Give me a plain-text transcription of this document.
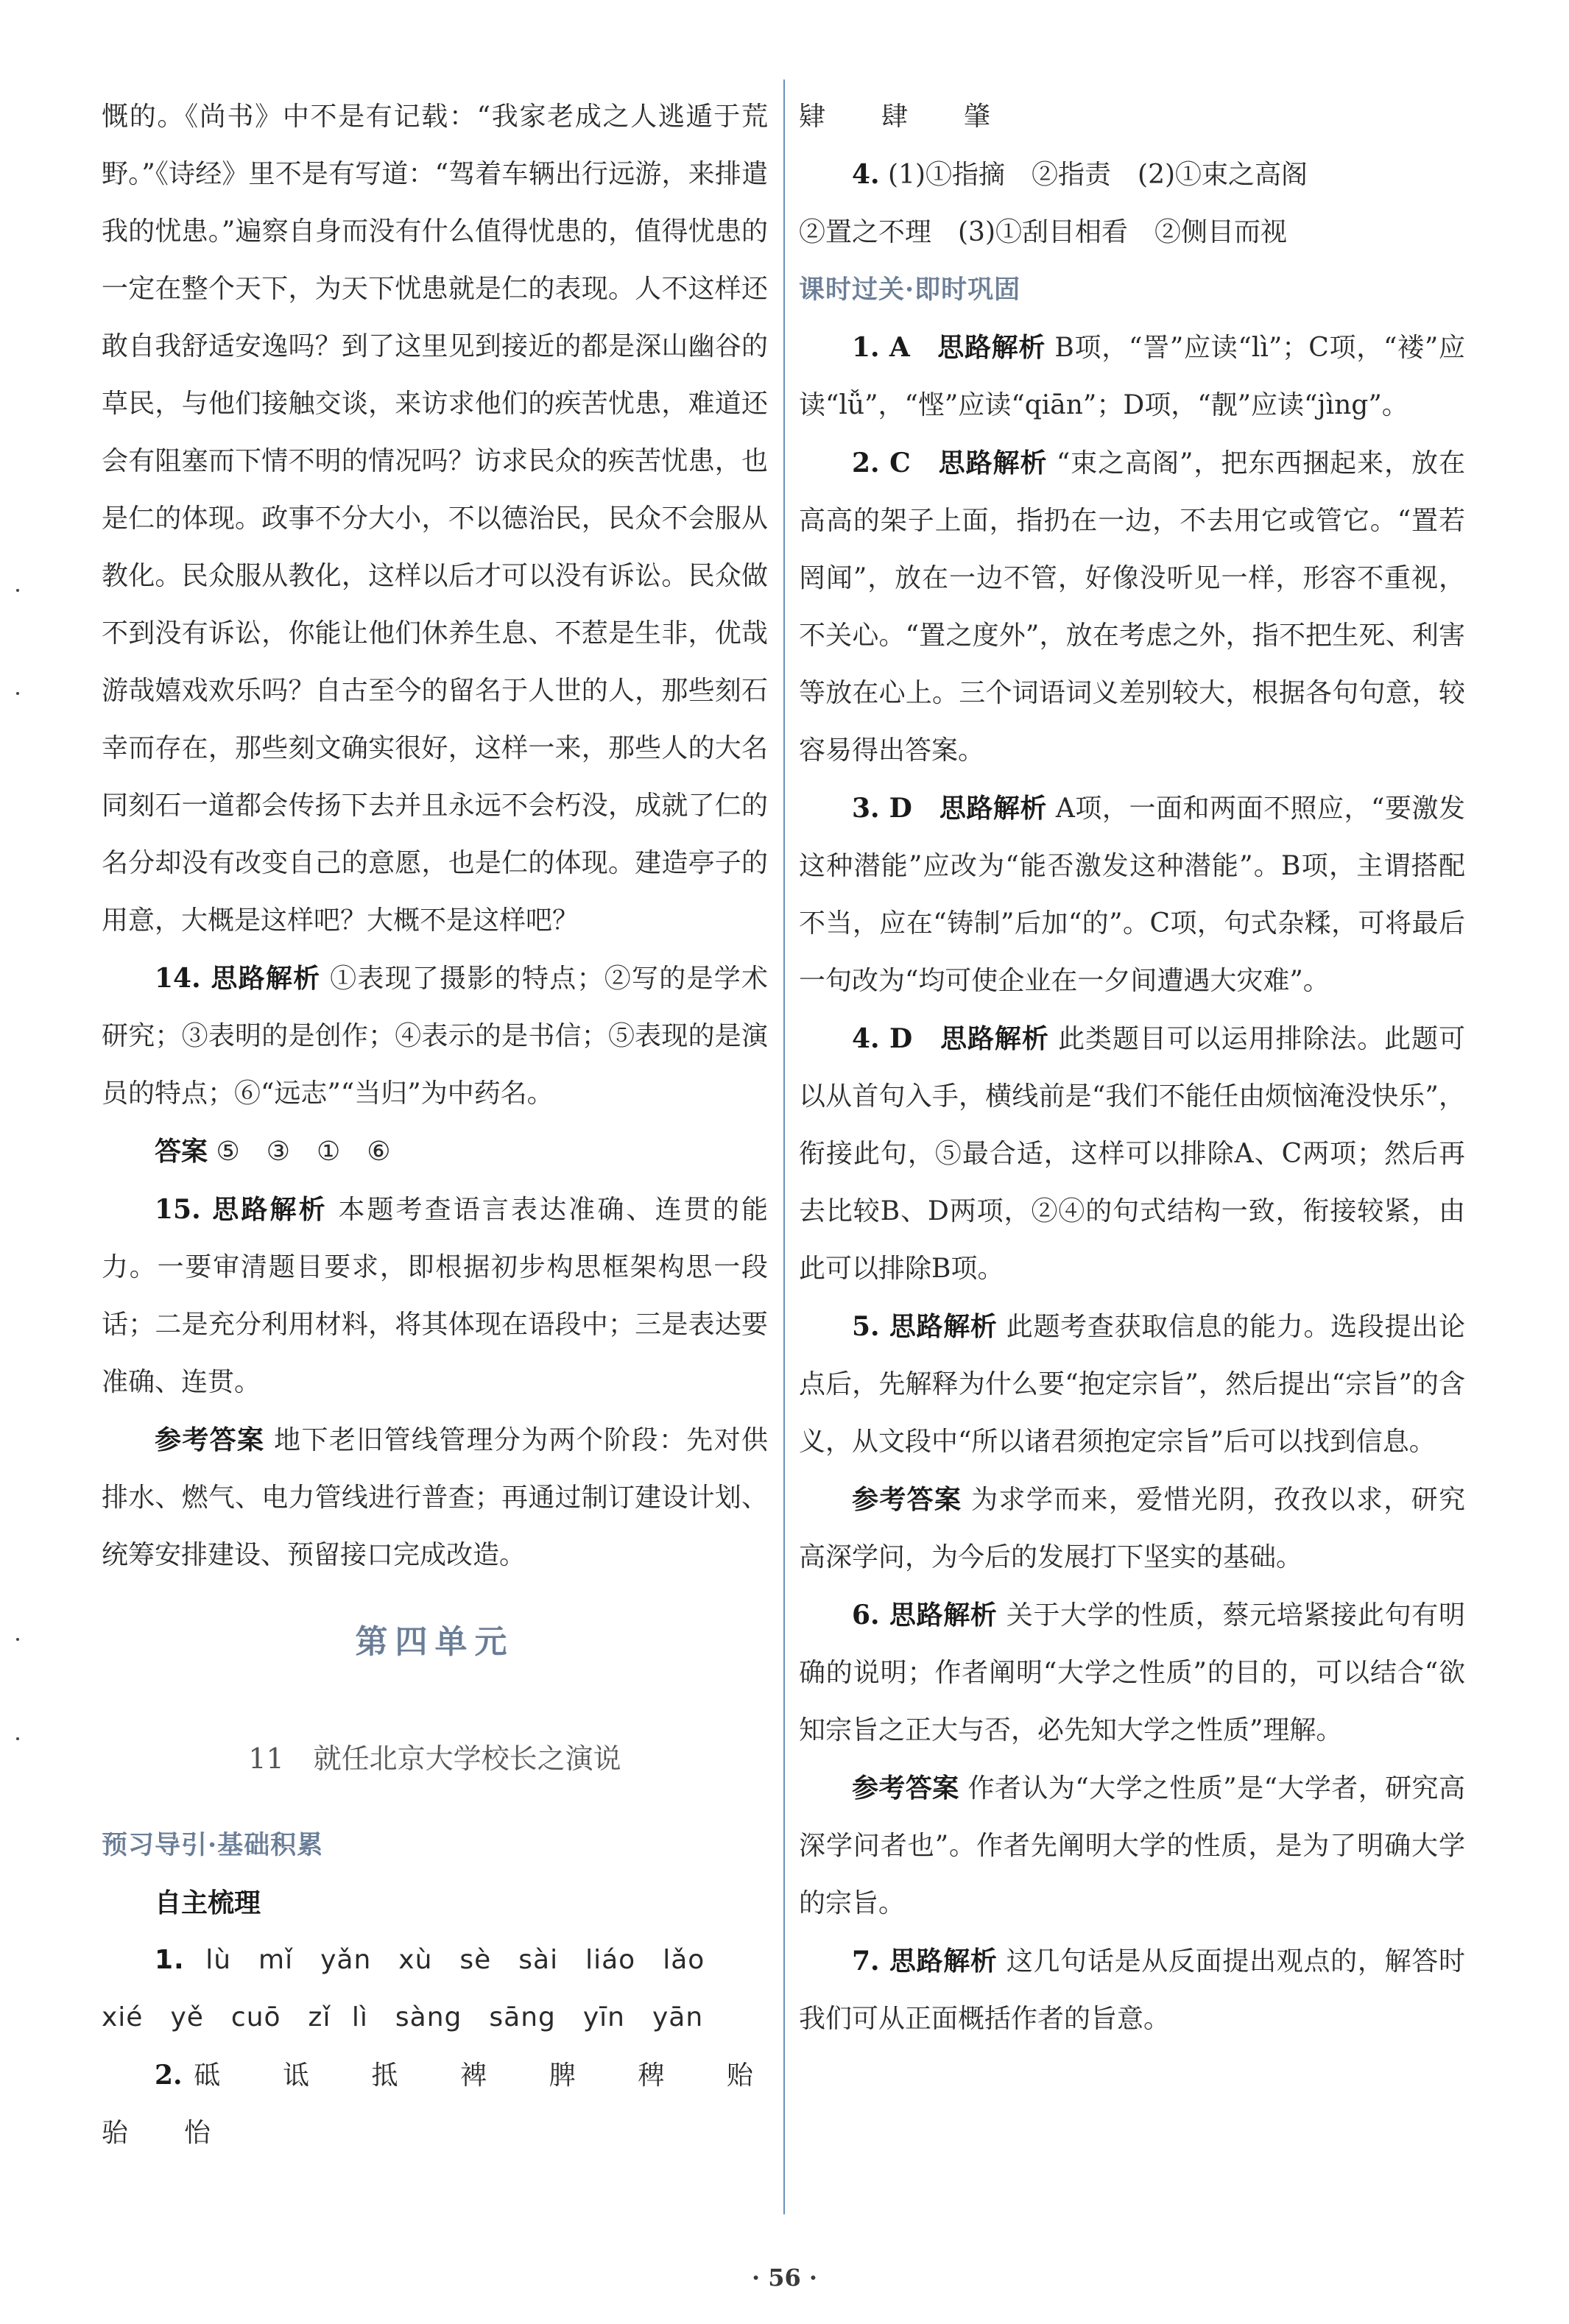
慨的。《尚书》中不是有记载：“我家老成之人逃遁于荒野。”《诗经》里不是有写道：“驾着车辆出行远游，来排遣我的忧患。”遍察自身而没有什么值得忧患的，值得忧患的一定在整个天下，为天下忧患就是仁的表现。人不这样还敢自我舒适安逸吗？到了这里见到接近的都是深山幽谷的草民，与他们接触交谈，来访求他们的疾苦忧患，难道还会有阻塞而下情不明的情况吗？访求民众的疾苦忧患，也是仁的体现。政事不分大小，不以德治民，民众不会服从教化。民众服从教化，这样以后才可以没有诉讼。民众做不到没有诉讼，你能让他们休养生息、不惹是生非，优哉游哉嬉戏欢乐吗？自古至今的留名于人世的人，那些刻石幸而存在，那些刻文确实很好，这样一来，那些人的大名同刻石一道都会传扬下去并且永远不会朽没，成就了仁的名分却没有改变自己的意愿，也是仁的体现。建造亭子的用意，大概是这样吧？大概不是这样吧？

14. 思路解析 ①表现了摄影的特点；②写的是学术研究；③表明的是创作；④表示的是书信；⑤表现的是演员的特点；⑥“远志”“当归”为中药名。

答案 ⑤　③　①　⑥

15. 思路解析 本题考查语言表达准确、连贯的能力。一要审清题目要求，即根据初步构思框架构思一段话；二是充分利用材料，将其体现在语段中；三是表达要准确、连贯。

参考答案 地下老旧管线管理分为两个阶段：先对供排水、燃气、电力管线进行普查；再通过制订建设计划、统筹安排建设、预留接口完成改造。

第四单元
11 就任北京大学校长之演说

预习导引·基础积累

自主梳理

1. lù　mǐ　yǎn　xù　sè　sài　liáo　lǎo

xié　yě　cuō　zǐ lì　sàng　sāng　yīn　yān

2. 砥　诋　抵　裨　脾　稗　贻　骀　怡

肄　肆　肇

4. (1)①指摘　②指责　(2)①束之高阁

②置之不理　(3)①刮目相看　②侧目而视

课时过关·即时巩固

1. A　思路解析 B项，“詈”应读“lì”；C项，“褛”应读“lǚ”，“悭”应读“qiān”；D项，“靓”应读“jìng”。

2. C　思路解析 “束之高阁”，把东西捆起来，放在高高的架子上面，指扔在一边，不去用它或管它。“置若罔闻”，放在一边不管，好像没听见一样，形容不重视，不关心。“置之度外”，放在考虑之外，指不把生死、利害等放在心上。三个词语词义差别较大，根据各句句意，较容易得出答案。

3. D　思路解析 A项，一面和两面不照应，“要激发这种潜能”应改为“能否激发这种潜能”。B项，主谓搭配不当，应在“铸制”后加“的”。C项，句式杂糅，可将最后一句改为“均可使企业在一夕间遭遇大灾难”。

4. D　思路解析 此类题目可以运用排除法。此题可以从首句入手，横线前是“我们不能任由烦恼淹没快乐”，衔接此句，⑤最合适，这样可以排除A、C两项；然后再去比较B、D两项，②④的句式结构一致，衔接较紧，由此可以排除B项。

5. 思路解析 此题考查获取信息的能力。选段提出论点后，先解释为什么要“抱定宗旨”，然后提出“宗旨”的含义，从文段中“所以诸君须抱定宗旨”后可以找到信息。

参考答案 为求学而来，爱惜光阴，孜孜以求，研究高深学问，为今后的发展打下坚实的基础。

6. 思路解析 关于大学的性质，蔡元培紧接此句有明确的说明；作者阐明“大学之性质”的目的，可以结合“欲知宗旨之正大与否，必先知大学之性质”理解。

参考答案 作者认为“大学之性质”是“大学者，研究高深学问者也”。作者先阐明大学的性质，是为了明确大学的宗旨。

7. 思路解析 这几句话是从反面提出观点的，解答时我们可从正面概括作者的旨意。

· 56 ·
